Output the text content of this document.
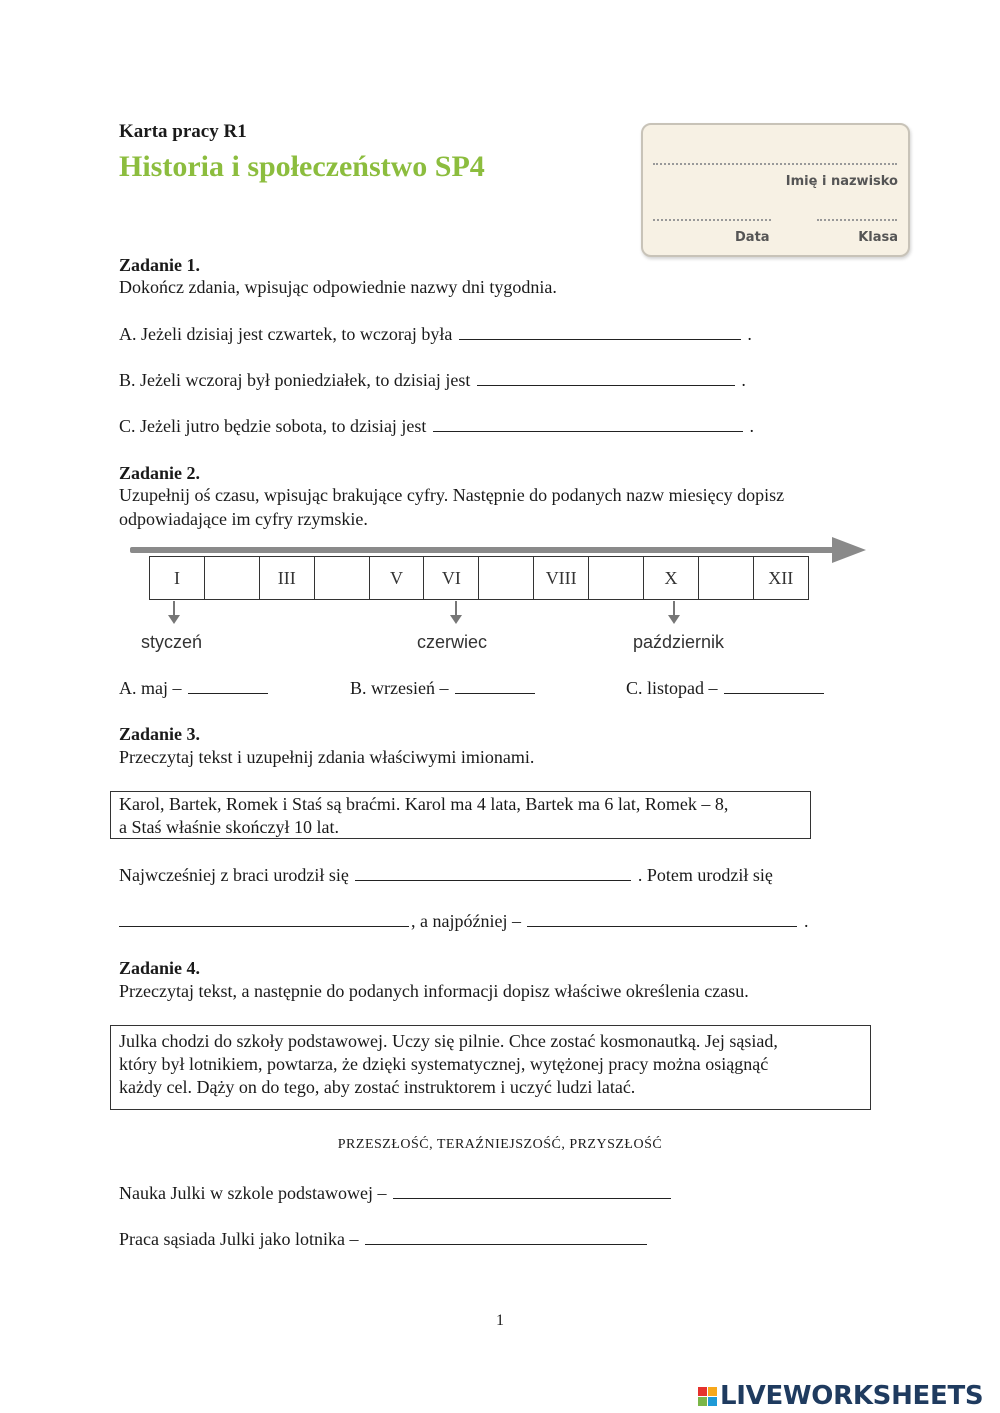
Karta pracy R1
Historia i społeczeństwo SP4	Imię i nazwisko
Data	Klasa
Zadanie 1.
Dokończ zdania, wpisując odpowiednie nazwy dni tygodnia.
A. Jeżeli dzisiaj jest czwartek, to wczoraj była	.
B. Jeżeli wczoraj był poniedziałek, to dzisiaj jest	.
C. Jeżeli jutro będzie sobota, to dzisiaj jest	.
Zadanie 2.
Uzupełnij oś czasu, wpisując brakujące cyfry. Następnie do podanych nazw miesięcy dopisz
odpowiadające im cyfry rzymskie.
I	III	V	VI	VIII	X	XII
styczeń	czerwiec	październik
A. maj –	B. wrzesień –	C. listopad –
Zadanie 3.
Przeczytaj tekst i uzupełnij zdania właściwymi imionami.
Karol, Bartek, Romek i Staś są braćmi. Karol ma 4 lata, Bartek ma 6 lat, Romek – 8,
a Staś właśnie skończył 10 lat.
Najwcześniej z braci urodził się	. Potem urodził się
, a najpóźniej –	.
Zadanie 4.
Przeczytaj tekst, a następnie do podanych informacji dopisz właściwe określenia czasu.
Julka chodzi do szkoły podstawowej. Uczy się pilnie. Chce zostać kosmonautką. Jej sąsiad,
który był lotnikiem, powtarza, że dzięki systematycznej, wytężonej pracy można osiągnąć
każdy cel. Dąży on do tego, aby zostać instruktorem i uczyć ludzi latać.
PRZESZŁOŚĆ, TERAŹNIEJSZOŚĆ, PRZYSZŁOŚĆ
Nauka Julki w szkole podstawowej –
Praca sąsiada Julki jako lotnika –
1
LIVEWORKSHEETS
